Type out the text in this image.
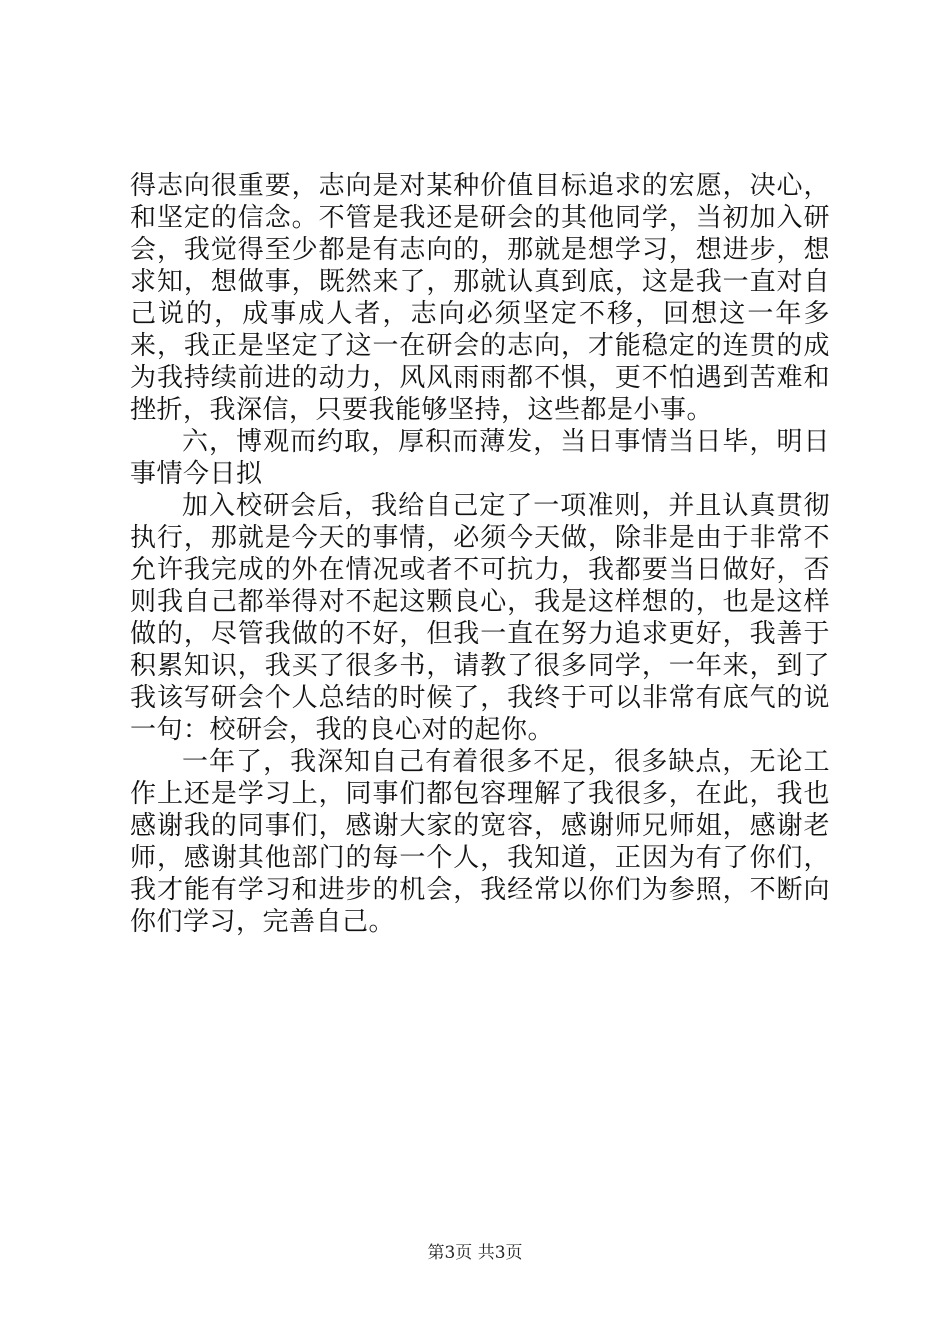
得志向很重要，志向是对某种价值目标追求的宏愿，决心，和坚定的信念。不管是我还是研会的其他同学，当初加入研会，我觉得至少都是有志向的，那就是想学习，想进步，想求知，想做事，既然来了，那就认真到底，这是我一直对自己说的，成事成人者，志向必须坚定不移，回想这一年多来，我正是坚定了这一在研会的志向，才能稳定的连贯的成为我持续前进的动力，风风雨雨都不惧，更不怕遇到苦难和挫折，我深信，只要我能够坚持，这些都是小事。

六，博观而约取，厚积而薄发，当日事情当日毕，明日事情今日拟

加入校研会后，我给自己定了一项准则，并且认真贯彻执行，那就是今天的事情，必须今天做，除非是由于非常不允许我完成的外在情况或者不可抗力，我都要当日做好，否则我自己都举得对不起这颗良心，我是这样想的，也是这样做的，尽管我做的不好，但我一直在努力追求更好，我善于积累知识，我买了很多书，请教了很多同学，一年来，到了我该写研会个人总结的时候了，我终于可以非常有底气的说一句：校研会，我的良心对的起你。

一年了，我深知自己有着很多不足，很多缺点，无论工作上还是学习上，同事们都包容理解了我很多，在此，我也感谢我的同事们，感谢大家的宽容，感谢师兄师姐，感谢老师，感谢其他部门的每一个人，我知道，正因为有了你们，我才能有学习和进步的机会，我经常以你们为参照，不断向你们学习，完善自己。

第3页 共3页
